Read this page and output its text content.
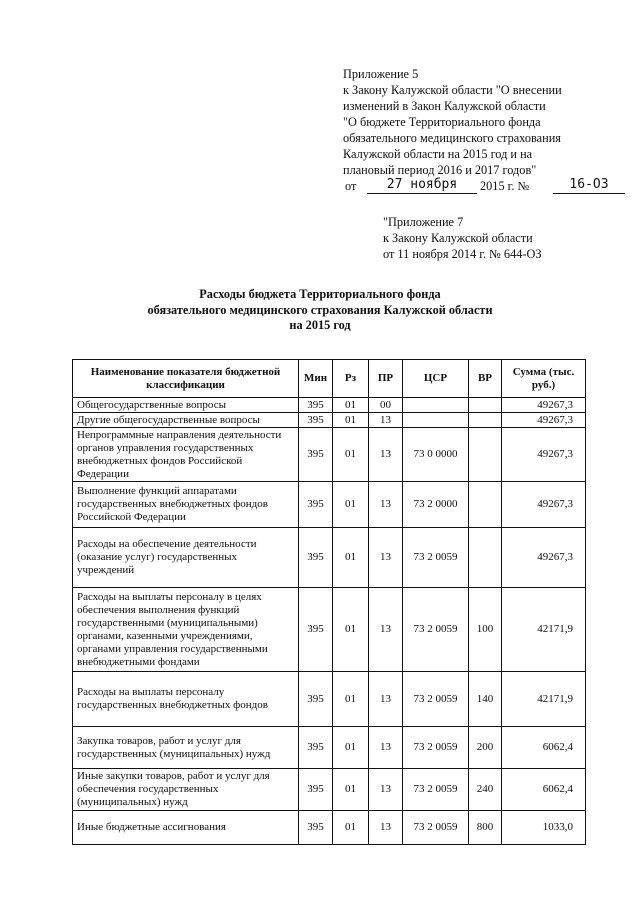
Приложение 5
к Закону Калужской области "О внесении
изменений в Закон Калужской области
"О бюджете Территориального фонда
обязательного медицинского страхования
Калужской области на 2015 год и на
плановый период 2016 и 2017 годов"
от	27 ноября	2015 г. №	16-ОЗ
"Приложение 7
к Закону Калужской области
от 11 ноября 2014 г. № 644-ОЗ
Расходы бюджета Территориального фонда
обязательного медицинского страхования Калужской области
на 2015 год
Наименование показателя бюджетной классификации	Мин	Рз	ПР	ЦСР	ВР	Сумма (тыс. руб.)
Общегосударственные вопросы	395	01	00			49267,3
Другие общегосударственные вопросы	395	01	13			49267,3
Непрограммные направления деятельности органов управления государственных внебюджетных фондов Российской Федерации	395	01	13	73 0 0000		49267,3
Выполнение функций аппаратами государственных внебюджетных фондов Российской Федерации	395	01	13	73 2 0000		49267,3
Расходы на обеспечение деятельности (оказание услуг) государственных учреждений	395	01	13	73 2 0059		49267,3
Расходы на выплаты персоналу в целях обеспечения выполнения функций государственными (муниципальными) органами, казенными учреждениями, органами управления государственными внебюджетными фондами	395	01	13	73 2 0059	100	42171,9
Расходы на выплаты персоналу государственных внебюджетных фондов	395	01	13	73 2 0059	140	42171,9
Закупка товаров, работ и услуг для государственных (муниципальных) нужд	395	01	13	73 2 0059	200	6062,4
Иные закупки товаров, работ и услуг для обеспечения государственных (муниципальных) нужд	395	01	13	73 2 0059	240	6062,4
Иные бюджетные ассигнования	395	01	13	73 2 0059	800	1033,0
